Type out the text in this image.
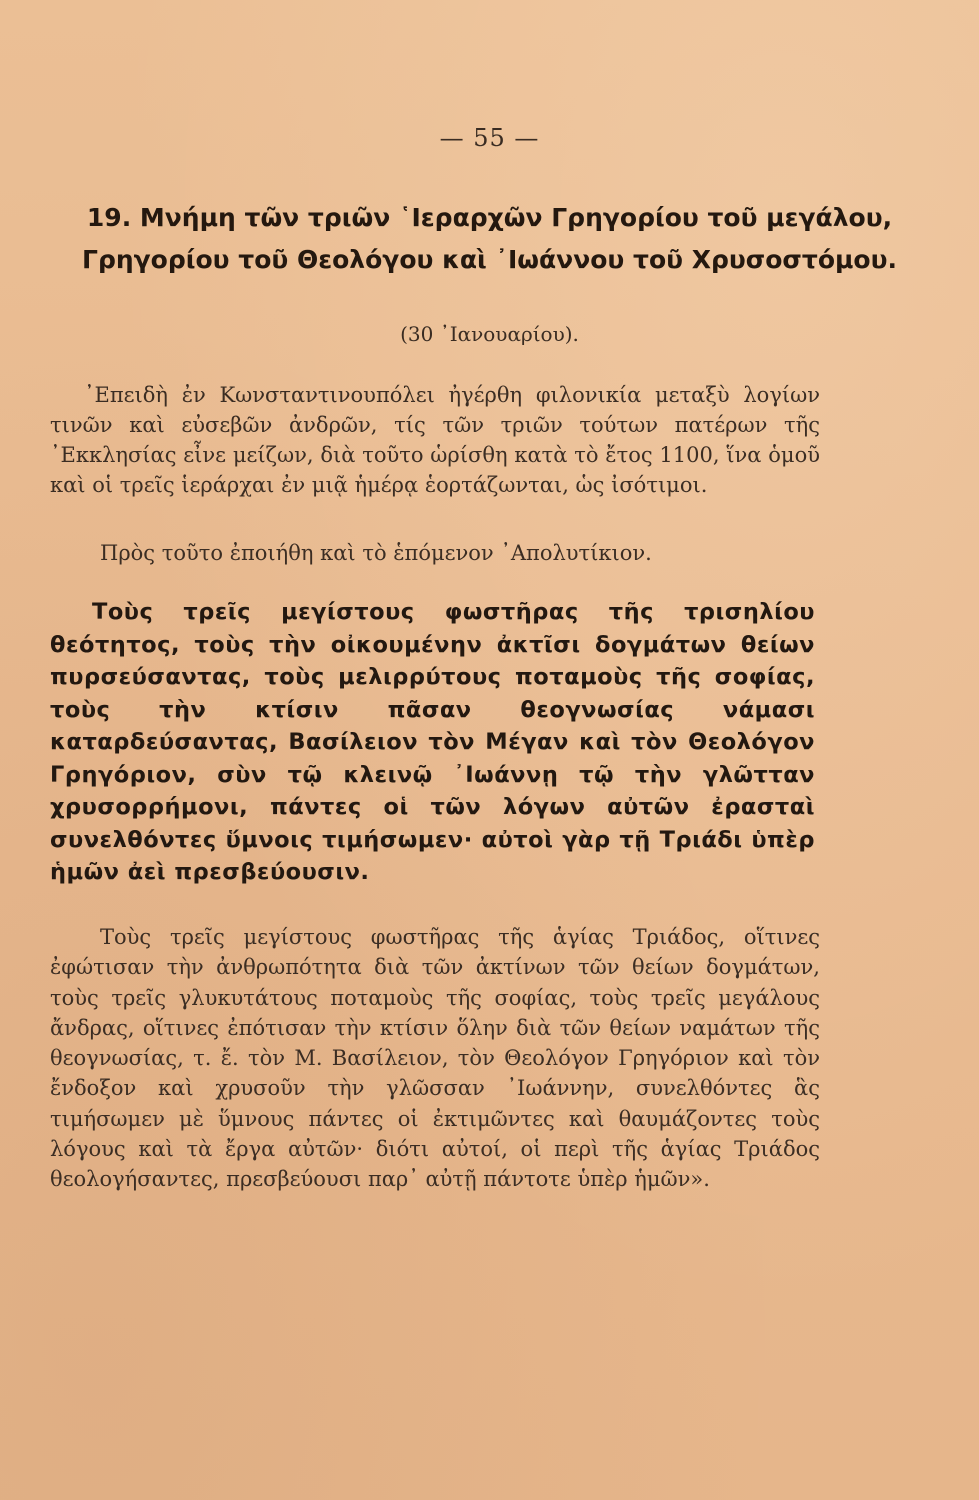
— 55 —
19. Μνήμη τῶν τριῶν ῾Ιεραρχῶν Γρηγορίου τοῦ μεγάλου, Γρηγορίου τοῦ Θεολόγου καὶ ᾿Ιωάννου τοῦ Χρυσοστόμου.
(30 ᾿Ιανουαρίου).
᾿Επειδὴ ἐν Κωνσταντινουπόλει ἠγέρθη φιλονικία μεταξὺ λογίων τινῶν καὶ εὐσεβῶν ἀνδρῶν, τίς τῶν τριῶν τούτων πατέρων τῆς ᾿Εκκλησίας εἶνε μείζων, διὰ τοῦτο ὡρίσθη κατὰ τὸ ἔτος 1100, ἵνα ὁμοῦ καὶ οἱ τρεῖς ἱεράρχαι ἐν μιᾷ ἡμέρᾳ ἑορτάζωνται, ὡς ἰσότιμοι.
Πρὸς τοῦτο ἐποιήθη καὶ τὸ ἑπόμενον ᾿Απολυτίκιον.
Τοὺς τρεῖς μεγίστους φωστῆρας τῆς τρισηλίου θεότητος, τοὺς τὴν οἰκουμένην ἀκτῖσι δογμάτων θείων πυρσεύσαντας, τοὺς μελιρρύτους ποταμοὺς τῆς σοφίας, τοὺς τὴν κτίσιν πᾶσαν θεογνωσίας νάμασι καταρδεύσαντας, Βασίλειον τὸν Μέγαν καὶ τὸν Θεολόγον Γρηγόριον, σὺν τῷ κλεινῷ ᾿Ιωάννῃ τῷ τὴν γλῶτταν χρυσορρήμονι, πάντες οἱ τῶν λόγων αὐτῶν ἐρασταὶ συνελθόντες ὕμνοις τιμήσωμεν· αὐτοὶ γὰρ τῇ Τριάδι ὑπὲρ ἡμῶν ἀεὶ πρεσβεύουσιν.
Τοὺς τρεῖς μεγίστους φωστῆρας τῆς ἁγίας Τριάδος, οἵτινες ἐφώτισαν τὴν ἀνθρωπότητα διὰ τῶν ἀκτίνων τῶν θείων δογμάτων, τοὺς τρεῖς γλυκυτάτους ποταμοὺς τῆς σοφίας, τοὺς τρεῖς μεγάλους ἄνδρας, οἵτινες ἐπότισαν τὴν κτίσιν ὅλην διὰ τῶν θείων ναμάτων τῆς θεογνωσίας, τ. ἔ. τὸν Μ. Βασίλειον, τὸν Θεολόγον Γρηγόριον καὶ τὸν ἔνδοξον καὶ χρυσοῦν τὴν γλῶσσαν ᾿Ιωάννην, συνελθόντες ἃς τιμήσωμεν μὲ ὕμνους πάντες οἱ ἐκτιμῶντες καὶ θαυμάζοντες τοὺς λόγους καὶ τὰ ἔργα αὐτῶν· διότι αὐτοί, οἱ περὶ τῆς ἁγίας Τριάδος θεολογήσαντες, πρεσβεύουσι παρ᾿ αὐτῇ πάντοτε ὑπὲρ ἡμῶν».
